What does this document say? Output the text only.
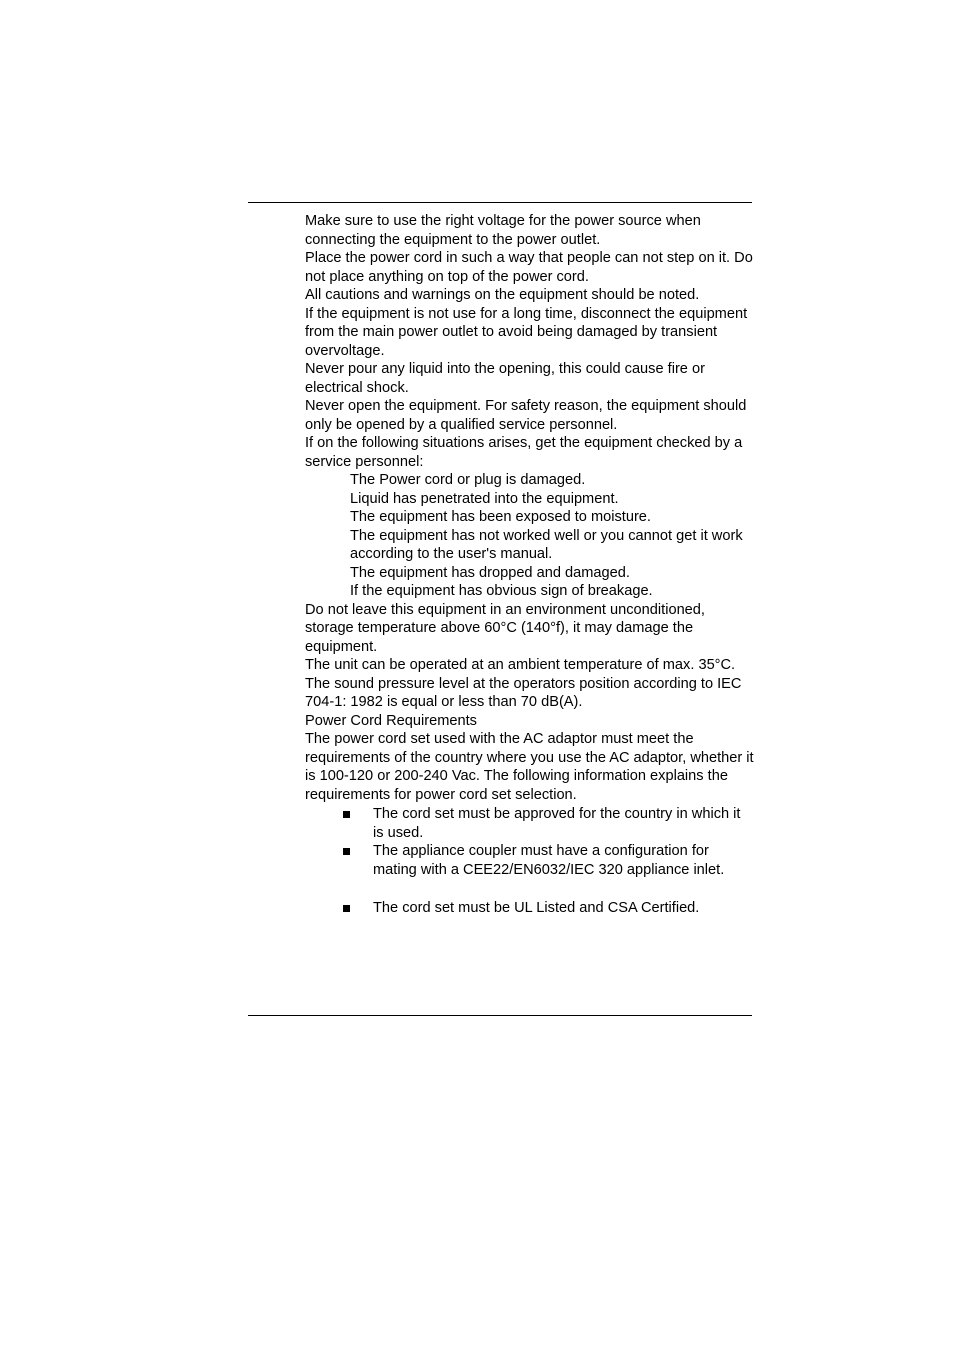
Make sure to use the right voltage for the power source when connecting the equipment to the power outlet.

Place the power cord in such a way that people can not step on it. Do not place anything on top of the power cord.

All cautions and warnings on the equipment should be noted.

If the equipment is not use for a long time, disconnect the equipment from the main power outlet to avoid being damaged by transient overvoltage.

Never pour any liquid into the opening, this could cause fire or electrical shock.

Never open the equipment. For safety reason, the equipment should only be opened by a qualified service personnel.

If on the following situations arises, get the equipment checked by a service personnel:

The Power cord or plug is damaged.

Liquid has penetrated into the equipment.

The equipment has been exposed to moisture.

The equipment has not worked well or you cannot get it work according to the user's manual.

The equipment has dropped and damaged.

If the equipment has obvious sign of breakage.

Do not leave this equipment in an environment unconditioned, storage temperature above 60°C (140°f), it may damage the equipment.

The unit can be operated at an ambient temperature of max. 35°C.

The sound pressure level at the operators position according to IEC 704-1: 1982 is equal or less than 70 dB(A).

Power Cord Requirements

The power cord set used with the AC adaptor must meet the requirements of the country where you use the AC adaptor, whether it is 100-120 or 200-240 Vac. The following information explains the requirements for power cord set selection.

The cord set must be approved for the country in which it is used.
The appliance coupler must have a configuration for mating with a CEE22/EN6032/IEC 320 appliance inlet.
The cord set must be UL Listed and CSA Certified.
